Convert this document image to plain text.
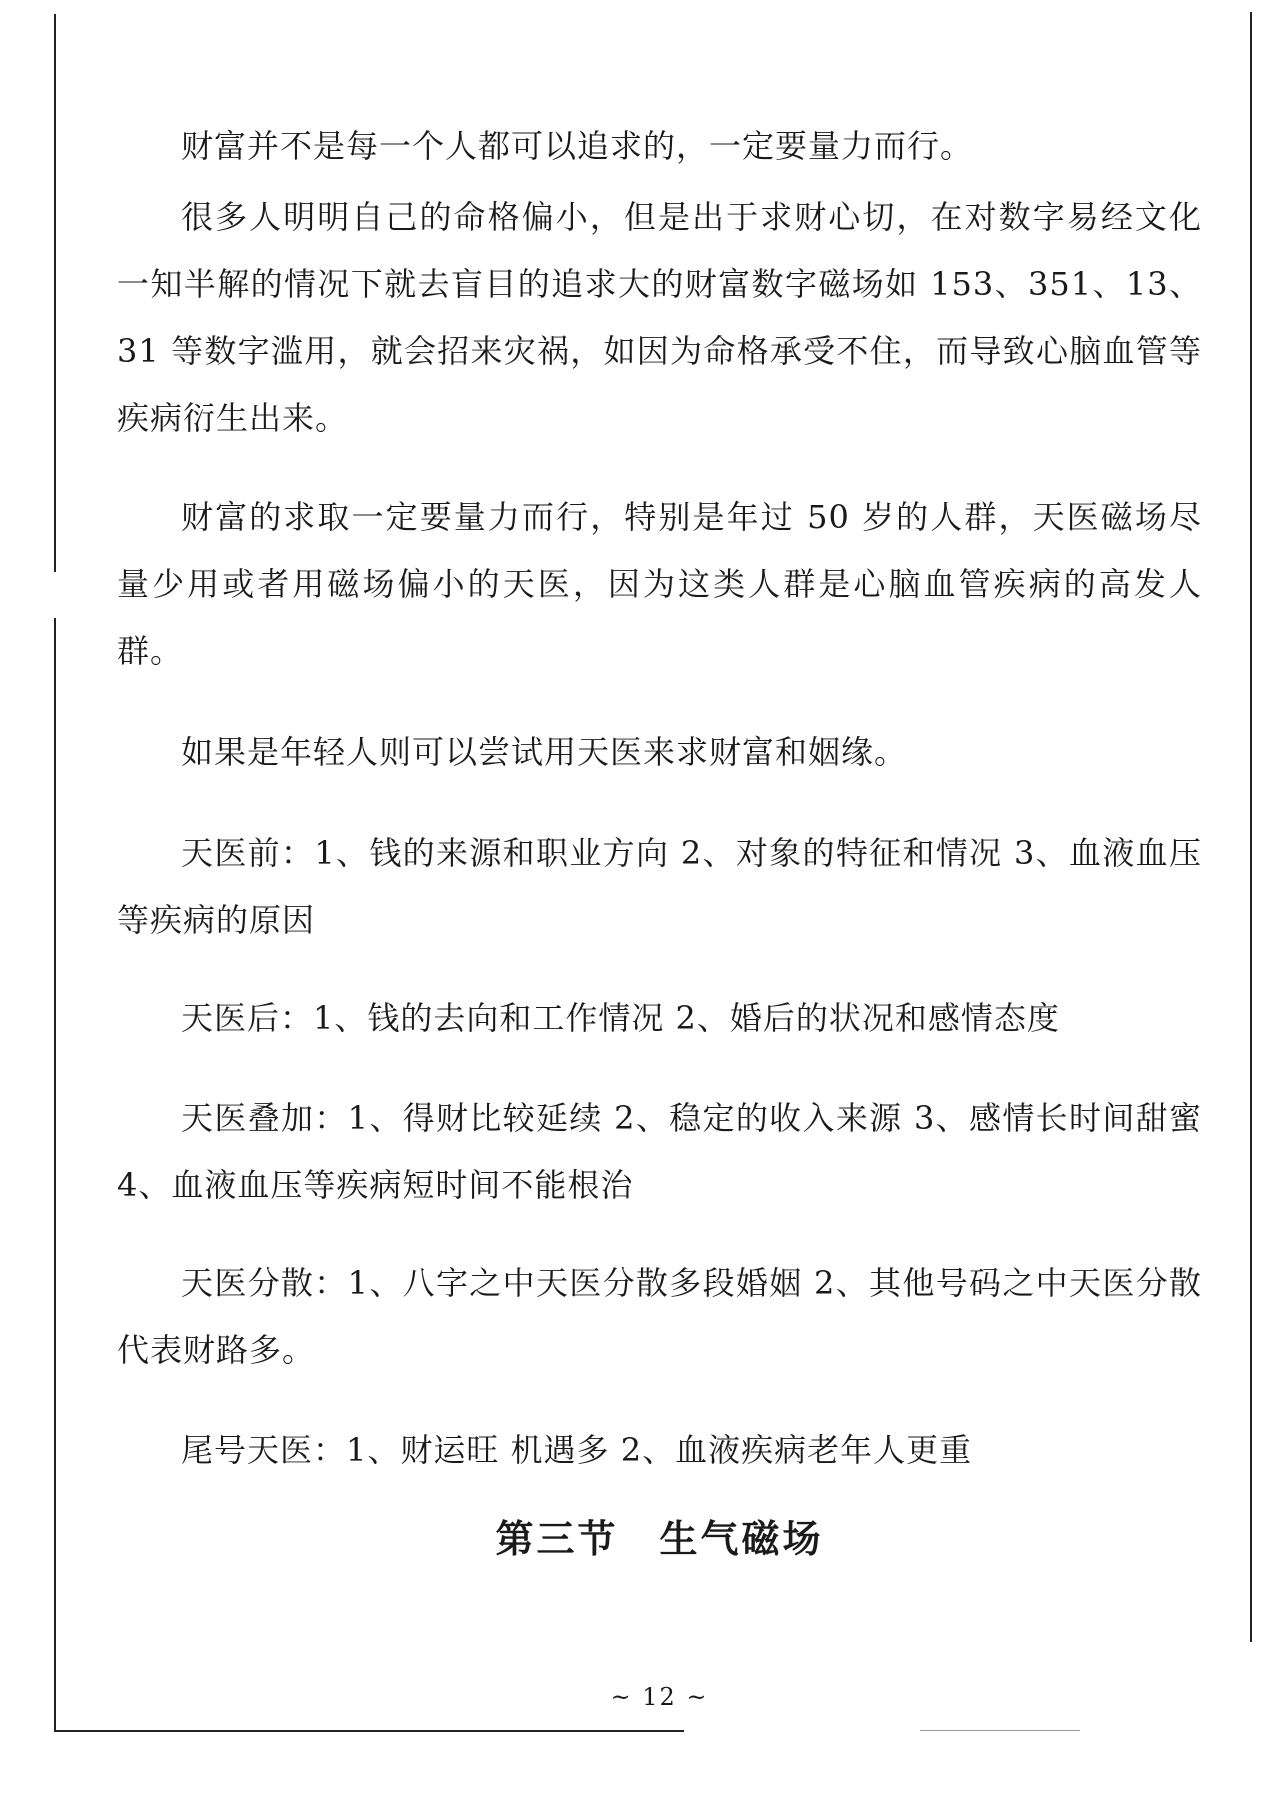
财富并不是每一个人都可以追求的，一定要量力而行。

很多人明明自己的命格偏小，但是出于求财心切，在对数字易经文化一知半解的情况下就去盲目的追求大的财富数字磁场如 153、351、13、31 等数字滥用，就会招来灾祸，如因为命格承受不住，而导致心脑血管等疾病衍生出来。

财富的求取一定要量力而行，特别是年过 50 岁的人群，天医磁场尽量少用或者用磁场偏小的天医，因为这类人群是心脑血管疾病的高发人群。

如果是年轻人则可以尝试用天医来求财富和姻缘。

天医前：1、钱的来源和职业方向 2、对象的特征和情况 3、血液血压等疾病的原因

天医后：1、钱的去向和工作情况 2、婚后的状况和感情态度

天医叠加：1、得财比较延续 2、稳定的收入来源 3、感情长时间甜蜜 4、血液血压等疾病短时间不能根治

天医分散：1、八字之中天医分散多段婚姻 2、其他号码之中天医分散代表财路多。

尾号天医：1、财运旺 机遇多 2、血液疾病老年人更重

第三节　生气磁场
~ 12 ~
